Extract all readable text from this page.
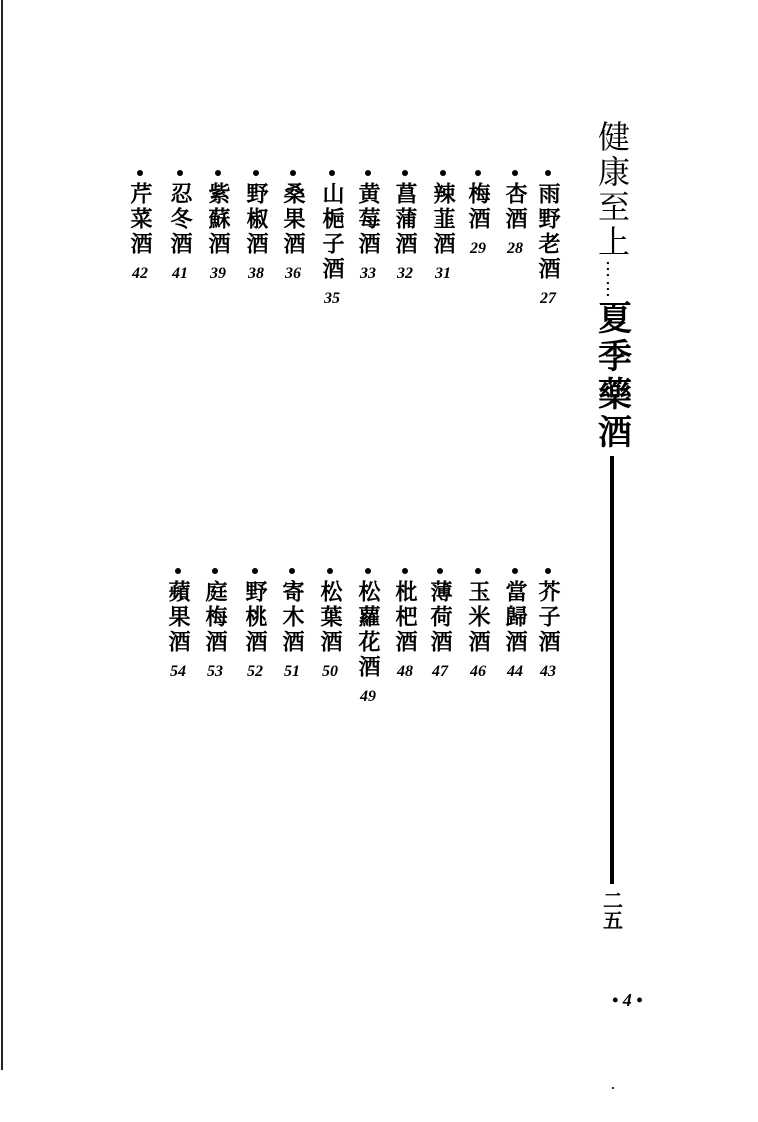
健康至上
……
夏季藥酒
二五
雨野老酒
27
杏酒
28
梅酒
29
辣韮酒
31
菖蒲酒
32
黄莓酒
33
山梔子酒
35
桑果酒
36
野椒酒
38
紫蘇酒
39
忍冬酒
41
芹菜酒
42
芥子酒
43
當歸酒
44
玉米酒
46
薄荷酒
47
枇杷酒
48
松蘿花酒
49
松葉酒
50
寄木酒
51
野桃酒
52
庭梅酒
53
蘋果酒
54
• 4 •
